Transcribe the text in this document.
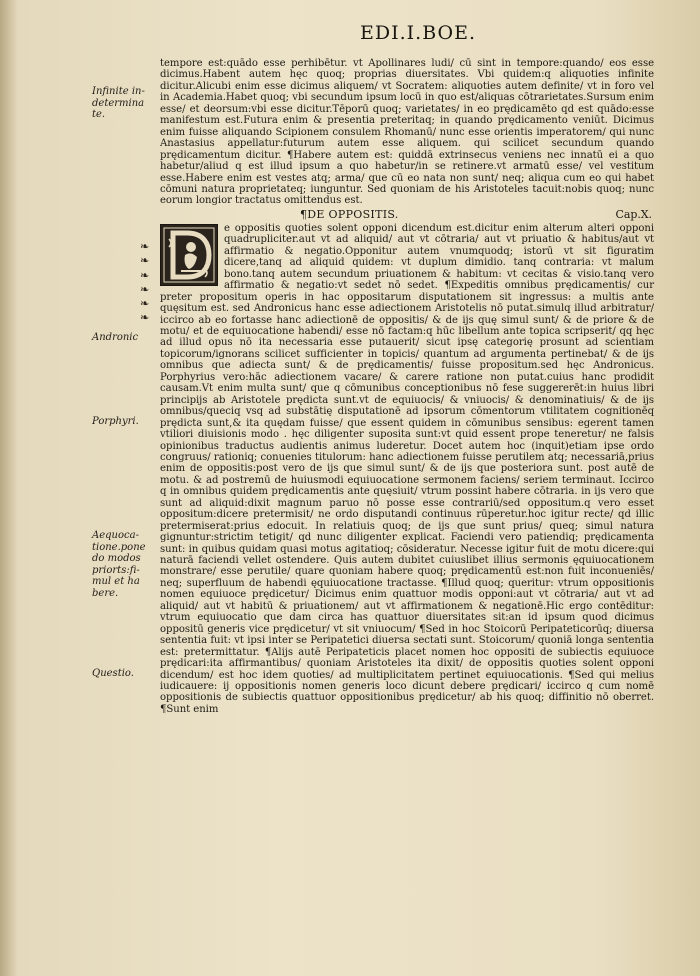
EDI.I.BOE.
Infinite in-
determina
te.
Andronic
Porphyri.
Aequoca-
tione.pone
do modos
priorts:fi-
mul et ha
bere.
Questio.
❧
❧
❧
❧
❧
❧

tempore est:quādo esse perhibētur. vt Apollinares ludi/ cū sint in tempore:quando/ eos esse dicimus.Habent autem hęc quoq; proprias diuersitates. Vbi quidem:q aliquoties infinite dicitur.Alicubi enim esse dicimus aliquem/ vt Socratem: aliquoties autem definite/ vt in foro vel in Academia.Habet quoq; vbi secundum ipsum locū in quo est/aliquas cōtrarietates.Sursum enim esse/ et deorsum:vbi esse dicitur.Tēporū quoq; varietates/ in eo prędicamēto qd est quādo:esse manifestum est.Futura enim & presentia preteritaq; in quando prędicamento veniūt. Dicimus enim fuisse aliquando Scipionem consulem Rhomanū/ nunc esse orientis imperatorem/ qui nunc Anastasius appellatur:futurum autem esse aliquem. qui scilicet secundum quando prędicamentum dicitur. ¶Habere autem est: quiddā extrinsecus veniens nec innatū ei a quo habetur/aliud q est illud ipsum a quo habetur/in se retinere.vt armatū esse/ vel vestitum esse.Habere enim est vestes atq; arma/ que cū eo nata non sunt/ neq; aliqua cum eo qui habet cōmuni natura proprietateq; iunguntur. Sed quoniam de his Aristoteles tacuit:nobis quoq; nunc eorum longior tractatus omittendus est.

¶DE OPPOSITIS.	Cap.X.

e oppositis quoties solent opponi dicendum est.dicitur enim alterum alteri opponi quadrupliciter.aut vt ad aliquid/ aut vt cōtraria/ aut vt priuatio & habitus/aut vt affirmatio & negatio.Opponitur autem vnumquodq; istorū vt sit figuratim dicere,tanq ad aliquid quidem: vt duplum dimidio. tanq contraria: vt malum bono.tanq autem secundum priuationem & habitum: vt cecitas & visio.tanq vero affirmatio & negatio:vt sedet nō sedet. ¶Expeditis omnibus prędicamentis/ cur preter propositum operis in hac oppositarum disputationem sit ingressus: a multis ante quęsitum est. sed Andronicus hanc esse adiectionem Aristotelis nō putat.simulq illud arbitratur/ iccirco ab eo fortasse hanc adiectionē de oppositis/ & de ijs quę simul sunt/ & de priore & de motu/ et de equiuocatione habendi/ esse nō factam:q hūc libellum ante topica scripserit/ qq hęc ad illud opus nō ita necessaria esse putauerit/ sicut ipsę categorię prosunt ad scientiam topicorum/ignorans scilicet sufficienter in topicis/ quantum ad argumenta pertinebat/ & de ijs omnibus que adiecta sunt/ & de prędicamentis/ fuisse propositum.sed hęc Andronicus. Porphyrius vero:hāc adiectionem vacare/ & carere ratione non putat.cuius hanc prodidit causam.Vt enim multa sunt/ que q cōmunibus conceptionibus nō fese suggererēt:in huius libri principijs ab Aristotele prędicta sunt.vt de equiuocis/ & vniuocis/ & denominatiuis/ & de ijs omnibus/queciq vsq ad substātię disputationē ad ipsorum cōmentorum vtilitatem cognitionēq prędicta sunt,& ita quędam fuisse/ que essent quidem in cōmunibus sensibus: egerent tamen vtiliori diuisionis modo . hęc diligenter suposita sunt:vt quid essent prope teneretur/ ne falsis opinionibus traductus audientis animus luderetur. Docet autem hoc (inquit)etiam ipse ordo congruus/ rationiq; conuenies titulorum: hanc adiectionem fuisse perutilem atq; necessariā,prius enim de oppositis:post vero de ijs que simul sunt/ & de ijs que posteriora sunt. post autē de motu. & ad postremū de huiusmodi equiuocatione sermonem faciens/ seriem terminaut. Iccirco q in omnibus quidem prędicamentis ante quęsiuit/ vtrum possint habere cōtraria. in ijs vero que sunt ad aliquid:dixit magnum paruo nō posse esse contrariū/sed oppositum.q vero esset oppositum:dicere pretermisit/ ne ordo disputandi continuus rūperetur.hoc igitur recte/ qd illic pretermiserat:prius edocuit. In relatiuis quoq; de ijs que sunt prius/ queq; simul natura gignuntur:strictim tetigit/ qd nunc diligenter explicat. Faciendi vero patiendiq; prędicamenta sunt: in quibus quidam quasi motus agitatioq; cōsideratur. Necesse igitur fuit de motu dicere:qui naturā faciendi vellet ostendere. Quis autem dubitet cuiuslibet illius sermonis ęquiuocationem monstrare/ esse perutile/ quare quoniam habere quoq; prędicamentū est:non fuit inconueniēs/ neq; superfluum de habendi ęquiuocatione tractasse. ¶Illud quoq; queritur: vtrum oppositionis nomen equiuoce prędicetur/ Dicimus enim quattuor modis opponi:aut vt cōtraria/ aut vt ad aliquid/ aut vt habitū & priuationem/ aut vt affirmationem & negationē.Hic ergo contēditur: vtrum equiuocatio que dam circa has quattuor diuersitates sit:an id ipsum quod dicimus oppositū generis vice prędicetur/ vt sit vniuocum/ ¶Sed in hoc Stoicorū Peripateticorūq; diuersa sententia fuit: vt ipsi inter se Peripatetici diuersa sectati sunt. Stoicorum/ quoniā longa sententia est: pretermittatur. ¶Alijs autē Peripateticis placet nomen hoc oppositi de subiectis equiuoce prędicari:ita affirmantibus/ quoniam Aristoteles ita dixit/ de oppositis quoties solent opponi dicendum/ est hoc idem quoties/ ad multiplicitatem pertinet equiuocationis. ¶Sed qui melius iudicauere: ij oppositionis nomen generis loco dicunt debere prędicari/ iccirco q cum nomē oppositionis de subiectis quattuor oppositionibus prędicetur/ ab his quoq; diffinitio nō oberret. ¶Sunt enim
